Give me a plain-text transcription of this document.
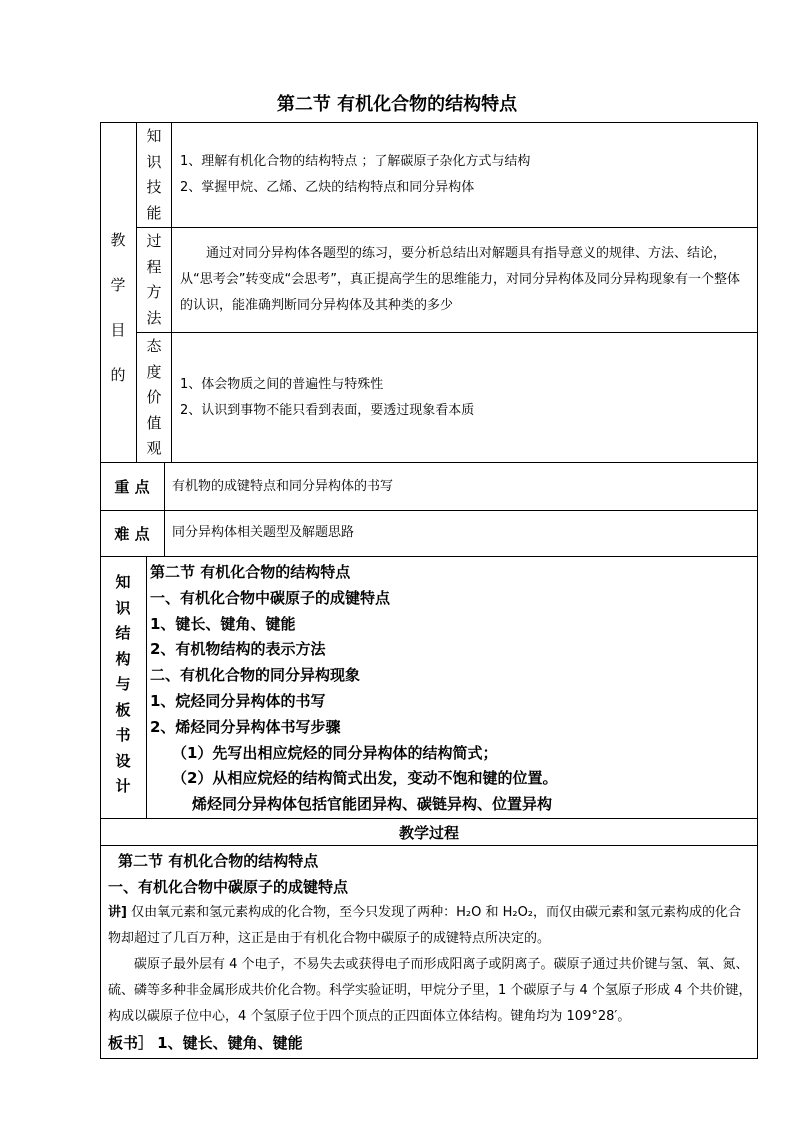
第二节 有机化合物的结构特点
教学目的
知识技能
1、理解有机化合物的结构特点 ；了解碳原子杂化方式与结构
2、掌握甲烷、乙烯、乙炔的结构特点和同分异构体
过程方法
通过对同分异构体各题型的练习，要分析总结出对解题具有指导意义的规律、方法、结论，从“思考会”转变成“会思考”，真正提高学生的思维能力，对同分异构体及同分异构现象有一个整体的认识，能准确判断同分异构体及其种类的多少
态度价值观
1、体会物质之间的普遍性与特殊性
2、认识到事物不能只看到表面，要透过现象看本质
重 点	有机物的成键特点和同分异构体的书写
难 点	同分异构体相关题型及解题思路
知识结构与板书设计
第二节 有机化合物的结构特点
一、有机化合物中碳原子的成键特点
1、键长、键角、键能
2、有机物结构的表示方法
二、有机化合物的同分异构现象
1、烷烃同分异构体的书写
2、烯烃同分异构体书写步骤
（1）先写出相应烷烃的同分异构体的结构简式；
（2）从相应烷烃的结构简式出发，变动不饱和键的位置。
烯烃同分异构体包括官能团异构、碳链异构、位置异构
教学过程
第二节 有机化合物的结构特点
一、有机化合物中碳原子的成键特点
讲] 仅由氧元素和氢元素构成的化合物，至今只发现了两种：H₂O 和 H₂O₂，而仅由碳元素和氢元素构成的化合物却超过了几百万种，这正是由于有机化合物中碳原子的成键特点所决定的。
碳原子最外层有 4 个电子，不易失去或获得电子而形成阳离子或阴离子。碳原子通过共价键与氢、氧、氮、硫、磷等多种非金属形成共价化合物。科学实验证明，甲烷分子里，1 个碳原子与 4 个氢原子形成 4 个共价键，构成以碳原子位中心，4 个氢原子位于四个顶点的正四面体立体结构。键角均为 109°28′。
板书］ 1、键长、键角、键能
